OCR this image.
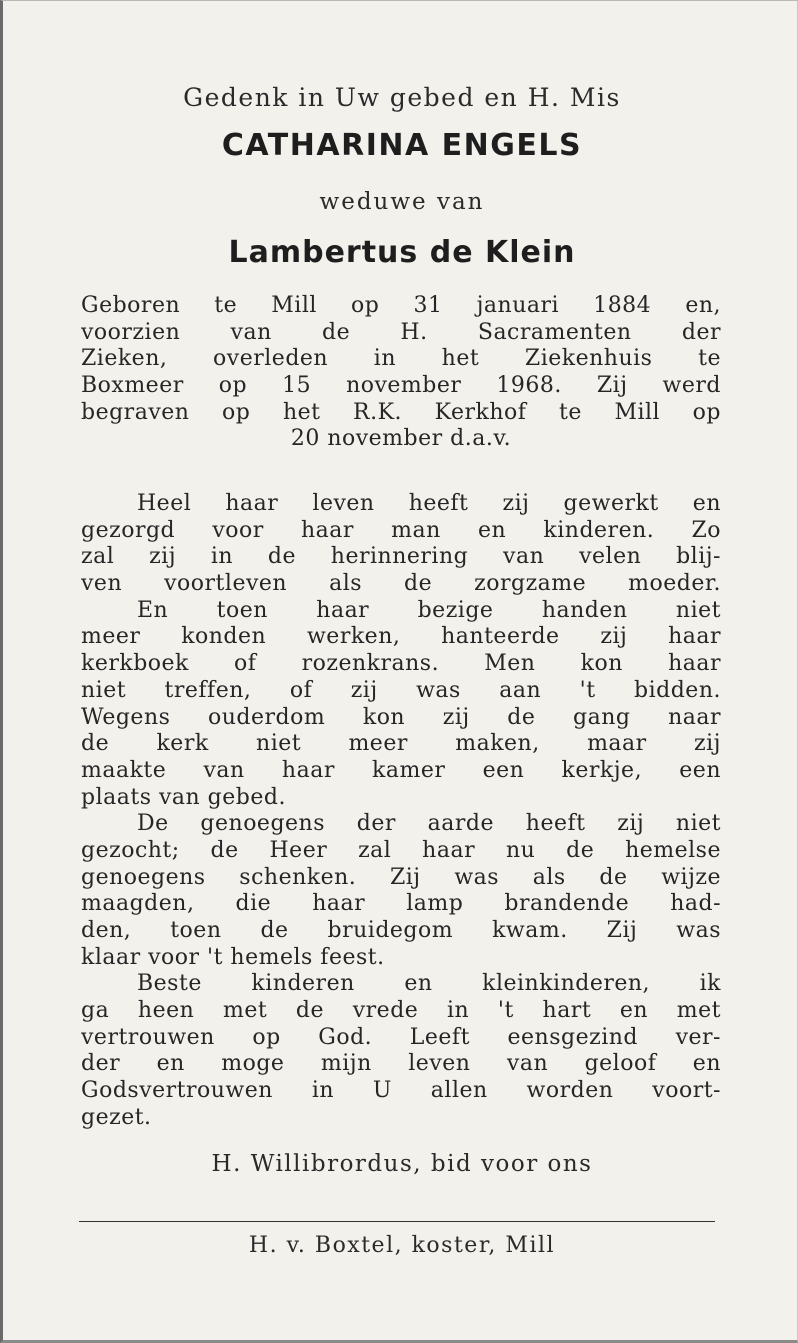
Gedenk in Uw gebed en H. Mis
CATHARINA ENGELS
weduwe van
Lambertus de Klein
Geboren te Mill op 31 januari 1884 en,
voorzien van de H. Sacramenten der
Zieken, overleden in het Ziekenhuis te
Boxmeer op 15 november 1968. Zij werd
begraven op het R.K. Kerkhof te Mill op
20 november d.a.v.
Heel haar leven heeft zij gewerkt en
gezorgd voor haar man en kinderen. Zo
zal zij in de herinnering van velen blij-
ven voortleven als de zorgzame moeder.
En toen haar bezige handen niet
meer konden werken, hanteerde zij haar
kerkboek of rozenkrans. Men kon haar
niet treffen, of zij was aan 't bidden.
Wegens ouderdom kon zij de gang naar
de kerk niet meer maken, maar zij
maakte van haar kamer een kerkje, een
plaats van gebed.
De genoegens der aarde heeft zij niet
gezocht; de Heer zal haar nu de hemelse
genoegens schenken. Zij was als de wijze
maagden, die haar lamp brandende had-
den, toen de bruidegom kwam. Zij was
klaar voor 't hemels feest.
Beste kinderen en kleinkinderen, ik
ga heen met de vrede in 't hart en met
vertrouwen op God. Leeft eensgezind ver-
der en moge mijn leven van geloof en
Godsvertrouwen in U allen worden voort-
gezet.
H. Willibrordus, bid voor ons
H. v. Boxtel, koster, Mill
